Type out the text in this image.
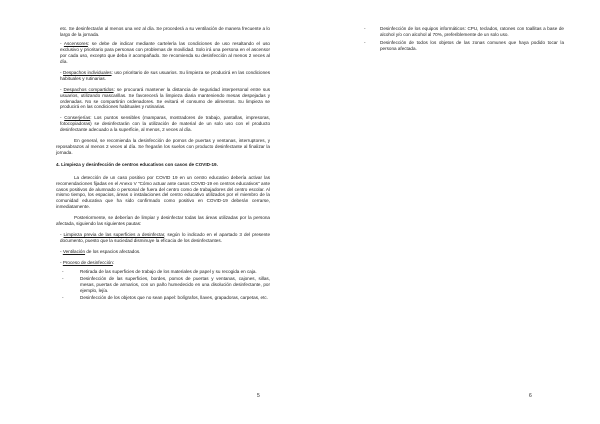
etc. Se desinfectarán al menos una vez al día. Se procederá a su ventilación de manera frecuente a lo largo de la jornada.

- Ascensores: se debe de indicar mediante cartelería las condiciones de uso resaltando el uso exclusivo y prioritario para personas con problemas de movilidad. Solo irá una persona en el ascensor por cada uso, excepto que deba ir acompañado. Se recomienda su desinfección al menos 2 veces al día.

- Despachos individuales: uso prioritario de sus usuarios. Su limpieza se producirá en las condiciones habituales y rutinarias.

- Despachos compartidos: se procurará mantener la distancia de seguridad interpersonal entre sus usuarios, utilizando mascarillas. Se favorecerá la limpieza diaria manteniendo mesas despejadas y ordenadas. No se compartirán ordenadores. Se evitará el consumo de alimentos. Su limpieza se producirá en las condiciones habituales y rutinarias.

- Conserjerías: Los puntos sensibles (mamparas, mostradores de trabajo, pantallas, impresoras, fotocopiadoras) se desinfectarán con la utilización de material de un solo uso con el producto desinfectante adecuado a la superficie, al menos, 2 veces al día.

En general, se recomienda la desinfección de pomos de puertas y ventanas, interruptores, y reposabrazos al menos 2 veces al día. Se fregarán los suelos con producto desinfectante al finalizar la jornada.

4. Limpieza y desinfección de centros educativos con casos de COVID-19.

La detección de un caso positivo por COVID 19 en un centro educativo debería activar las recomendaciones fijadas en el Anexo V "Cómo actuar ante casos COVID-19 en centros educativos" ante casos positivos de alumnado o personal de fuera del centro como de trabajadores del centro escolar. Al mismo tiempo, los espacios, áreas o instalaciones del centro educativo utilizados por el miembro de la comunidad educativa que ha sido confirmado como positivo en COVID-19 deberán cerrarse, inmediatamente.

Posteriormente, se deberían de limpiar y desinfectar todas las áreas utilizadas por la persona afectada, siguiendo las siguientes pautas:

- Limpieza previa de las superficies a desinfectar, según lo indicado en el apartado 3 del presente documento, puesto que la suciedad disminuye la eficacia de los desinfectantes.

- Ventilación de los espacios afectados.

- Proceso de desinfección:

- Retirada de las superficies de trabajo de los materiales de papel y su recogida en caja.
- Desinfección de las superficies, bordes, pomos de puertas y ventanas, cajones, sillas, mesas, puertas de armarios, con un paño humedecido en una disolución desinfectante, por ejemplo, lejía.
- Desinfección de los objetos que no sean papel: bolígrafos, llaves, grapadoras, carpetas, etc.
5
- Desinfección de los equipos informáticos: CPU, teclados, ratones con toallitas a base de alcohol y/o con alcohol al 70%, preferiblemente de un solo uso.
- Desinfección de todos los objetos de las zonas comunes que haya podido tocar la persona afectada.
6
